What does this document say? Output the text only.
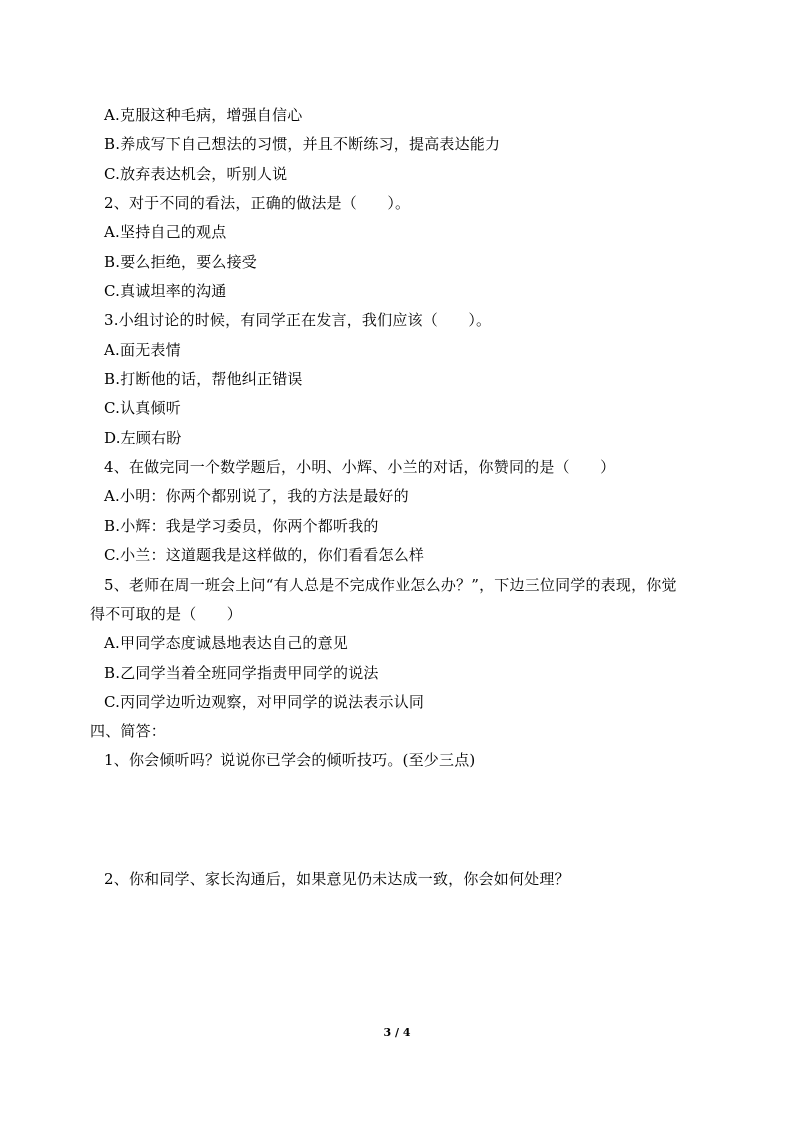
A.克服这种毛病，增强自信心
B.养成写下自己想法的习惯，并且不断练习，提高表达能力
C.放弃表达机会，听别人说
2、对于不同的看法，正确的做法是（　　）。
A.坚持自己的观点
B.要么拒绝，要么接受
C.真诚坦率的沟通
3.小组讨论的时候，有同学正在发言，我们应该（　　）。
A.面无表情
B.打断他的话，帮他纠正错误
C.认真倾听
D.左顾右盼
4、在做完同一个数学题后，小明、小辉、小兰的对话，你赞同的是（　　）
A.小明：你两个都别说了，我的方法是最好的
B.小辉：我是学习委员，你两个都听我的
C.小兰：这道题我是这样做的，你们看看怎么样
5、老师在周一班会上问“有人总是不完成作业怎么办？”，下边三位同学的表现，你觉
得不可取的是（　　）
A.甲同学态度诚恳地表达自己的意见
B.乙同学当着全班同学指责甲同学的说法
C.丙同学边听边观察，对甲同学的说法表示认同
四、简答：
1、你会倾听吗？说说你已学会的倾听技巧。(至少三点)
2、你和同学、家长沟通后，如果意见仍未达成一致，你会如何处理？
3 / 4
